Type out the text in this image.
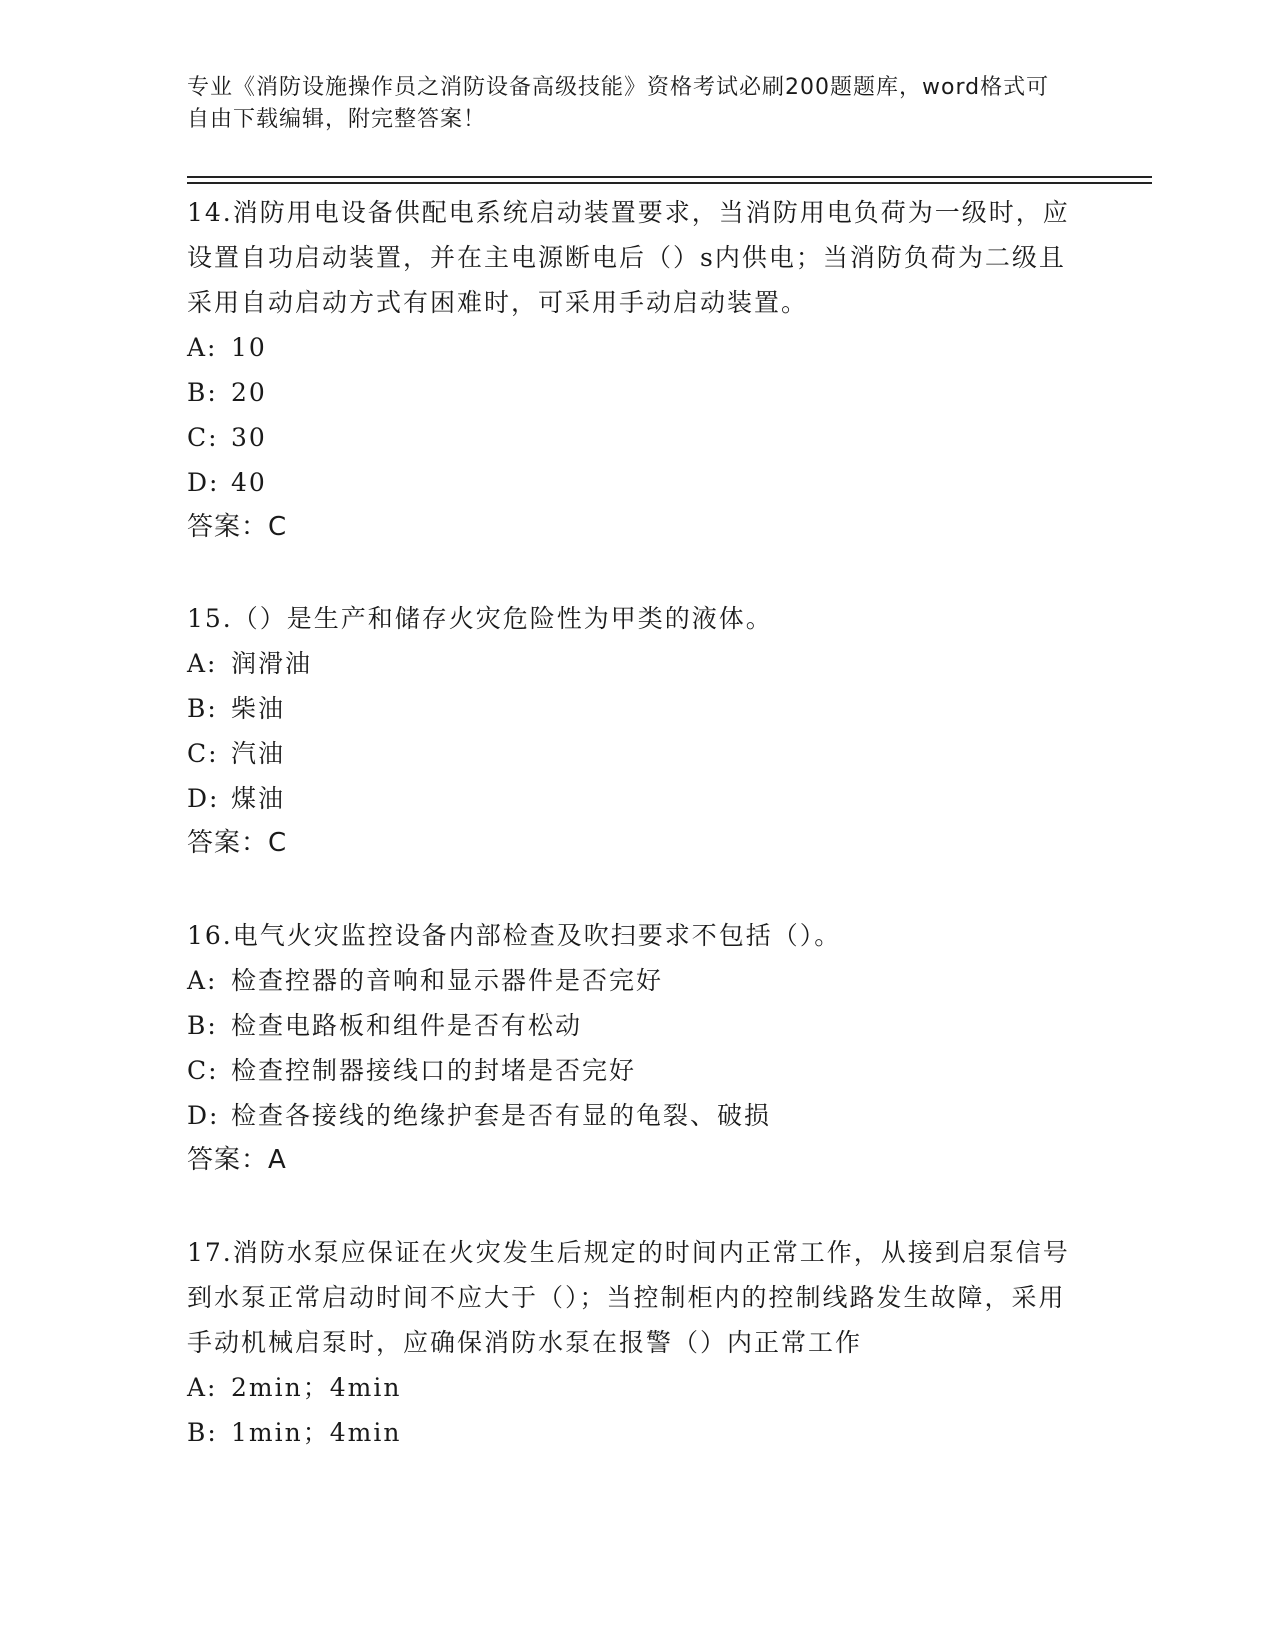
专业《消防设施操作员之消防设备高级技能》资格考试必刷200题题库，word格式可自由下载编辑，附完整答案！

14.消防用电设备供配电系统启动装置要求，当消防用电负荷为一级时，应设置自功启动装置，并在主电源断电后（）s内供电；当消防负荷为二级且采用自动启动方式有困难时，可采用手动启动装置。

A: 10
B: 20
C: 30
D: 40
答案：C

15.（）是生产和储存火灾危险性为甲类的液体。

A: 润滑油
B: 柴油
C: 汽油
D: 煤油
答案：C

16.电气火灾监控设备内部检查及吹扫要求不包括（）。

A: 检查控器的音响和显示器件是否完好
B: 检查电路板和组件是否有松动
C: 检查控制器接线口的封堵是否完好
D: 检查各接线的绝缘护套是否有显的龟裂、破损
答案：A

17.消防水泵应保证在火灾发生后规定的时间内正常工作，从接到启泵信号到水泵正常启动时间不应大于（）；当控制柜内的控制线路发生故障，采用手动机械启泵时，应确保消防水泵在报警（）内正常工作

A: 2min；4min
B: 1min；4min
